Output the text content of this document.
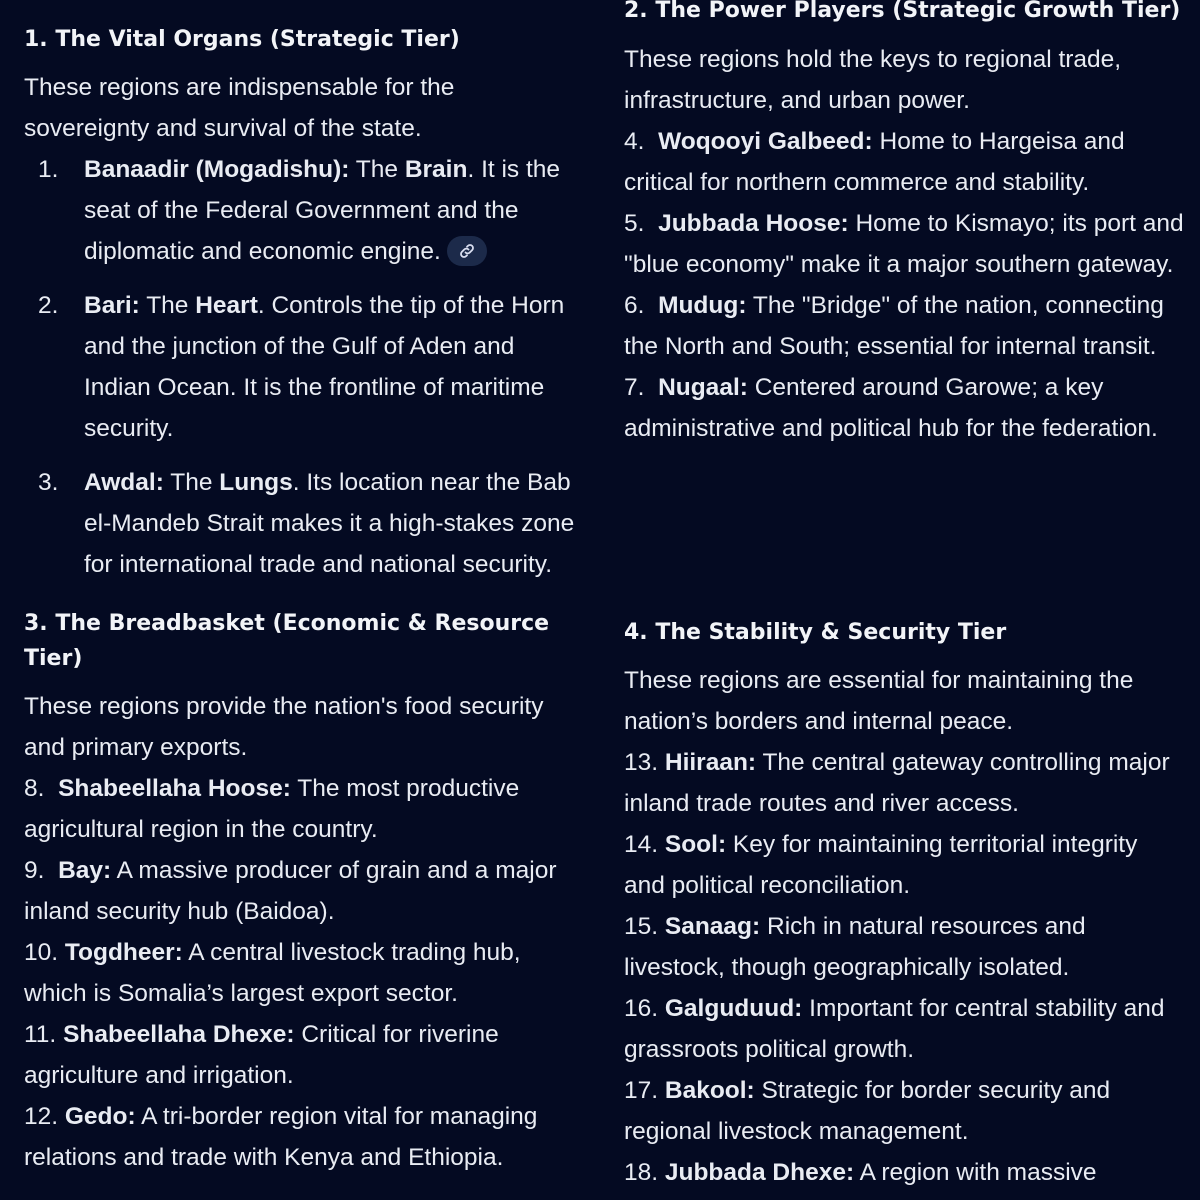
1. The Vital Organs (Strategic Tier)

These regions are indispensable for the sovereignty and survival of the state.

1.	Banaadir (Mogadishu): The Brain. It is the seat of the Federal Government and the diplomatic and economic engine.
2.	Bari: The Heart. Controls the tip of the Horn and the junction of the Gulf of Aden and Indian Ocean. It is the frontline of maritime security.
3.	Awdal: The Lungs. Its location near the Bab el-Mandeb Strait makes it a high-stakes zone for international trade and national security.
2. The Power Players (Strategic Growth Tier)

These regions hold the keys to regional trade, infrastructure, and urban power.

4. Woqooyi Galbeed: Home to Hargeisa and critical for northern commerce and stability.

5. Jubbada Hoose: Home to Kismayo; its port and "blue economy" make it a major southern gateway.

6. Mudug: The "Bridge" of the nation, connecting the North and South; essential for internal transit.

7. Nugaal: Centered around Garowe; a key administrative and political hub for the federation.

3. The Breadbasket (Economic & Resource Tier)

These regions provide the nation's food security and primary exports.

8. Shabeellaha Hoose: The most productive agricultural region in the country.

9. Bay: A massive producer of grain and a major inland security hub (Baidoa).

10. Togdheer: A central livestock trading hub, which is Somalia’s largest export sector.

11. Shabeellaha Dhexe: Critical for riverine agriculture and irrigation.

12. Gedo: A tri-border region vital for managing relations and trade with Kenya and Ethiopia.

4. The Stability & Security Tier

These regions are essential for maintaining the nation’s borders and internal peace.

13. Hiiraan: The central gateway controlling major inland trade routes and river access.

14. Sool: Key for maintaining territorial integrity and political reconciliation.

15. Sanaag: Rich in natural resources and livestock, though geographically isolated.

16. Galguduud: Important for central stability and grassroots political growth.

17. Bakool: Strategic for border security and regional livestock management.

18. Jubbada Dhexe: A region with massive
